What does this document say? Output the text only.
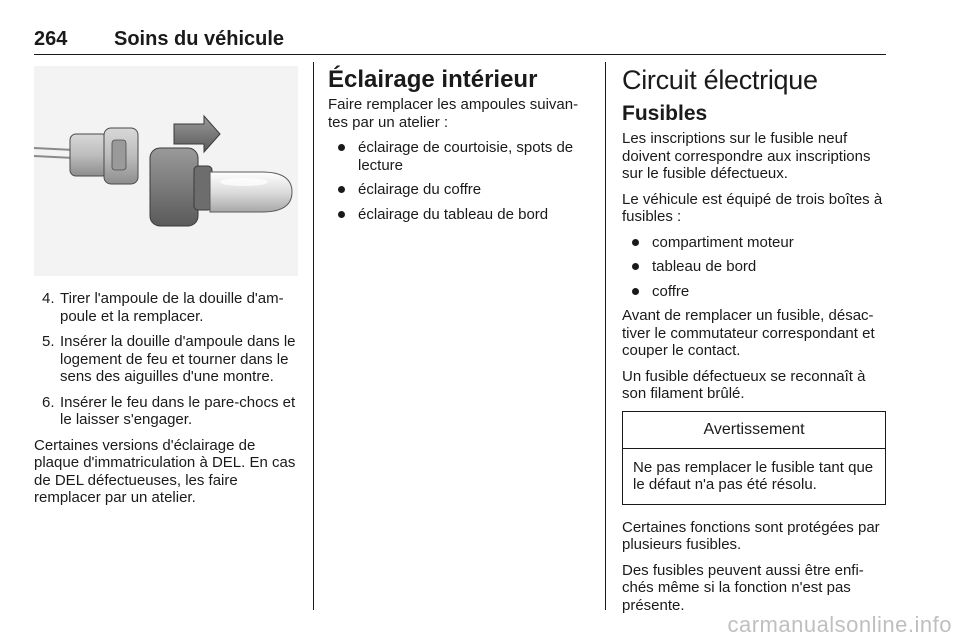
264 Soins du véhicule
4. Tirer l'ampoule de la douille d'am- poule et la remplacer.
5. Insérer la douille d'ampoule dans le logement de feu et tourner dans le sens des aiguilles d'une montre.
6. Insérer le feu dans le pare-chocs et le laisser s'engager.

Certaines versions d'éclairage de plaque d'immatriculation à DEL. En cas de DEL défectueuses, les faire remplacer par un atelier.

Éclairage intérieur

Faire remplacer les ampoules suivan- tes par un atelier :

éclairage de courtoisie, spots de lecture
éclairage du coffre
éclairage du tableau de bord
Circuit électrique
Fusibles

Les inscriptions sur le fusible neuf doivent correspondre aux inscriptions sur le fusible défectueux.

Le véhicule est équipé de trois boîtes à fusibles :

compartiment moteur
tableau de bord
coffre

Avant de remplacer un fusible, désac- tiver le commutateur correspondant et couper le contact.

Un fusible défectueux se reconnaît à son filament brûlé.

Avertissement
Ne pas remplacer le fusible tant que le défaut n'a pas été résolu.

Certaines fonctions sont protégées par plusieurs fusibles.

Des fusibles peuvent aussi être enfi- chés même si la fonction n'est pas présente.

carmanualsonline.info
